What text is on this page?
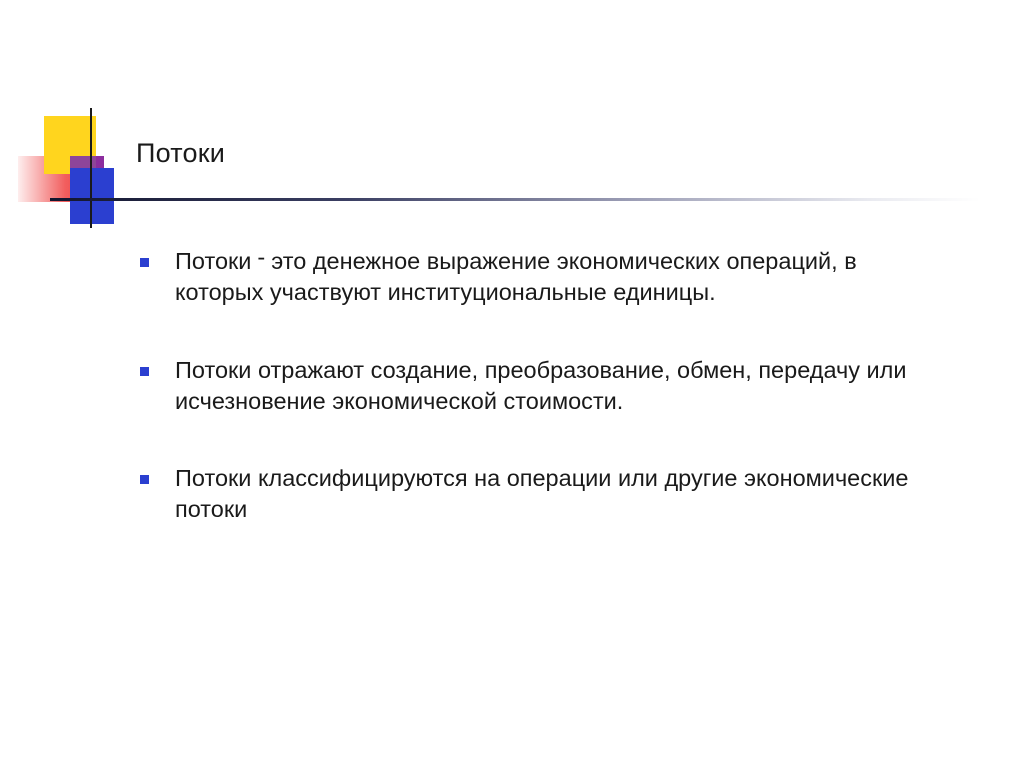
Потоки
Потоки - это денежное выражение экономических операций, в которых участвуют институциональные единицы.
Потоки отражают создание, преобразование, обмен, передачу или исчезновение экономической стоимости.
Потоки классифицируются на операции или другие экономические потоки
